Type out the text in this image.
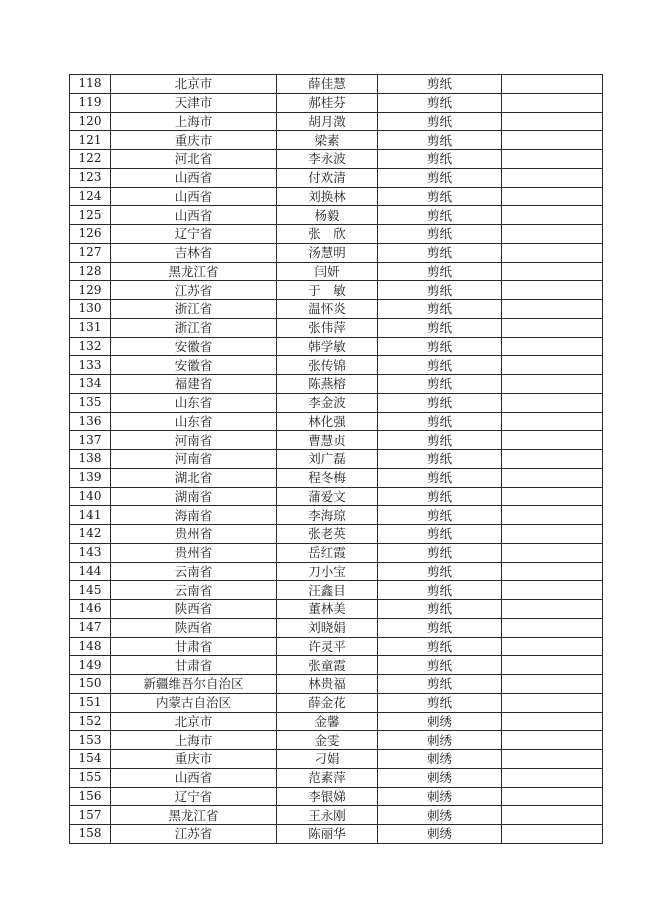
118	北京市	薛佳慧	剪纸	
119	天津市	郝桂芬	剪纸	
120	上海市	胡月澂	剪纸	
121	重庆市	梁素	剪纸	
122	河北省	李永波	剪纸	
123	山西省	付欢清	剪纸	
124	山西省	刘换林	剪纸	
125	山西省	杨毅	剪纸	
126	辽宁省	张　欣	剪纸	
127	吉林省	汤慧明	剪纸	
128	黑龙江省	闫妍	剪纸	
129	江苏省	于　敏	剪纸	
130	浙江省	温怀炎	剪纸	
131	浙江省	张伟萍	剪纸	
132	安徽省	韩学敏	剪纸	
133	安徽省	张传锦	剪纸	
134	福建省	陈燕榕	剪纸	
135	山东省	李金波	剪纸	
136	山东省	林化强	剪纸	
137	河南省	曹慧贞	剪纸	
138	河南省	刘广磊	剪纸	
139	湖北省	程冬梅	剪纸	
140	湖南省	蒲爱文	剪纸	
141	海南省	李海琼	剪纸	
142	贵州省	张老英	剪纸	
143	贵州省	岳红霞	剪纸	
144	云南省	刀小宝	剪纸	
145	云南省	汪鑫目	剪纸	
146	陕西省	董林美	剪纸	
147	陕西省	刘晓娟	剪纸	
148	甘肃省	许灵平	剪纸	
149	甘肃省	张童霞	剪纸	
150	新疆维吾尔自治区	林贵福	剪纸	
151	内蒙古自治区	薛金花	剪纸	
152	北京市	金馨	刺绣	
153	上海市	金雯	刺绣	
154	重庆市	刁娟	刺绣	
155	山西省	范素萍	刺绣	
156	辽宁省	李银娣	刺绣	
157	黑龙江省	王永刚	刺绣	
158	江苏省	陈丽华	刺绣	
